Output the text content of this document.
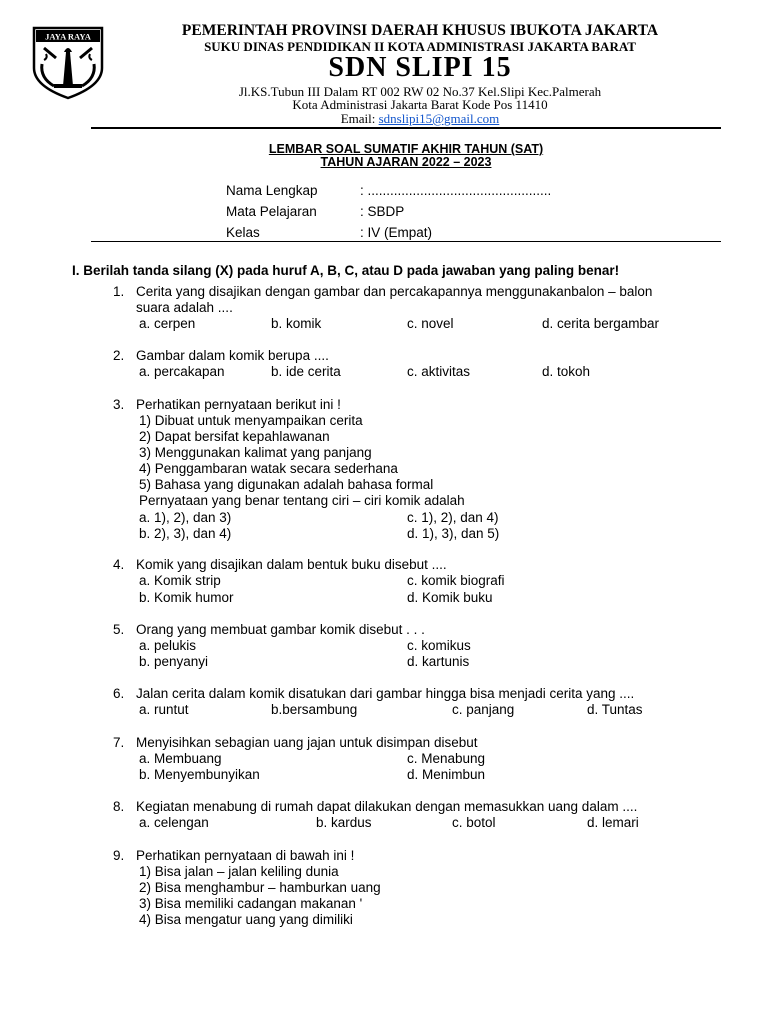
JAYA RAYA	PEMERINTAH PROVINSI DAERAH KHUSUS IBUKOTA JAKARTA
SUKU DINAS PENDIDIKAN II KOTA ADMINISTRASI JAKARTA BARAT
SDN SLIPI 15
Jl.KS.Tubun III Dalam RT 002 RW 02 No.37 Kel.Slipi Kec.Palmerah
Kota Administrasi Jakarta Barat Kode Pos 11410
Email: sdnslipi15@gmail.com
LEMBAR SOAL SUMATIF AKHIR TAHUN (SAT)
TAHUN AJARAN 2022 – 2023
Nama Lengkap	: .................................................
Mata Pelajaran	: SBDP
Kelas	: IV (Empat)
I. Berilah tanda silang (X) pada huruf A, B, C, atau D pada jawaban yang paling benar!
1. Cerita yang disajikan dengan gambar dan percakapannya menggunakanbalon – balon
suara adalah ....
a. cerpen	b. komik	c. novel	d. cerita bergambar
2. Gambar dalam komik berupa ....
a. percakapan	b. ide cerita	c. aktivitas	d. tokoh
3. Perhatikan pernyataan berikut ini !
1) Dibuat untuk menyampaikan cerita
2) Dapat bersifat kepahlawanan
3) Menggunakan kalimat yang panjang
4) Penggambaran watak secara sederhana
5) Bahasa yang digunakan adalah bahasa formal
Pernyataan yang benar tentang ciri – ciri komik adalah
a. 1), 2), dan 3)	c. 1), 2), dan 4)
b. 2), 3), dan 4)	d. 1), 3), dan 5)
4. Komik yang disajikan dalam bentuk buku disebut ....
a. Komik strip	c. komik biografi
b. Komik humor	d. Komik buku
5. Orang yang membuat gambar komik disebut . . .
a. pelukis	c. komikus
b. penyanyi	d. kartunis
6. Jalan cerita dalam komik disatukan dari gambar hingga bisa menjadi cerita yang ....
a. runtut	b.bersambung	c. panjang	d. Tuntas
7. Menyisihkan sebagian uang jajan untuk disimpan disebut
a. Membuang	c. Menabung
b. Menyembunyikan	d. Menimbun
8. Kegiatan menabung di rumah dapat dilakukan dengan memasukkan uang dalam ....
a. celengan	b. kardus	c. botol	d. lemari
9. Perhatikan pernyataan di bawah ini !
1) Bisa jalan – jalan keliling dunia
2) Bisa menghambur – hamburkan uang
3) Bisa memiliki cadangan makanan '
4) Bisa mengatur uang yang dimiliki
